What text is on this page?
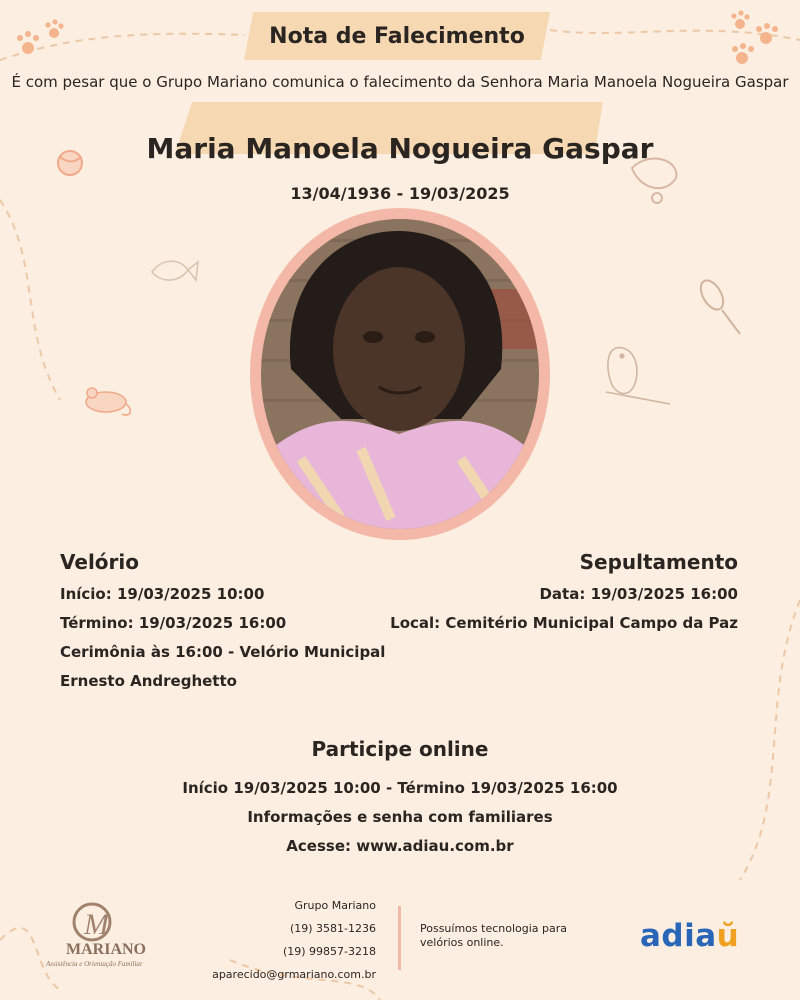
Nota de Falecimento
É com pesar que o Grupo Mariano comunica o falecimento da Senhora Maria Manoela Nogueira Gaspar
Maria Manoela Nogueira Gaspar
13/04/1936 - 19/03/2025
Velório
Início: 19/03/2025 10:00
Término: 19/03/2025 16:00
Cerimônia às 16:00 - Velório Municipal
Ernesto Andreghetto
Sepultamento
Data: 19/03/2025 16:00
Local: Cemitério Municipal Campo da Paz
Participe online
Início 19/03/2025 10:00 - Término 19/03/2025 16:00
Informações e senha com familiares
Acesse: www.adiau.com.br
M
MARIANO
Assistência e Orientação Familiar
Grupo Mariano
(19) 3581-1236
(19) 99857-3218
aparecido@grmariano.com.br
Possuímos tecnologia para velórios online.	adiaŭ
